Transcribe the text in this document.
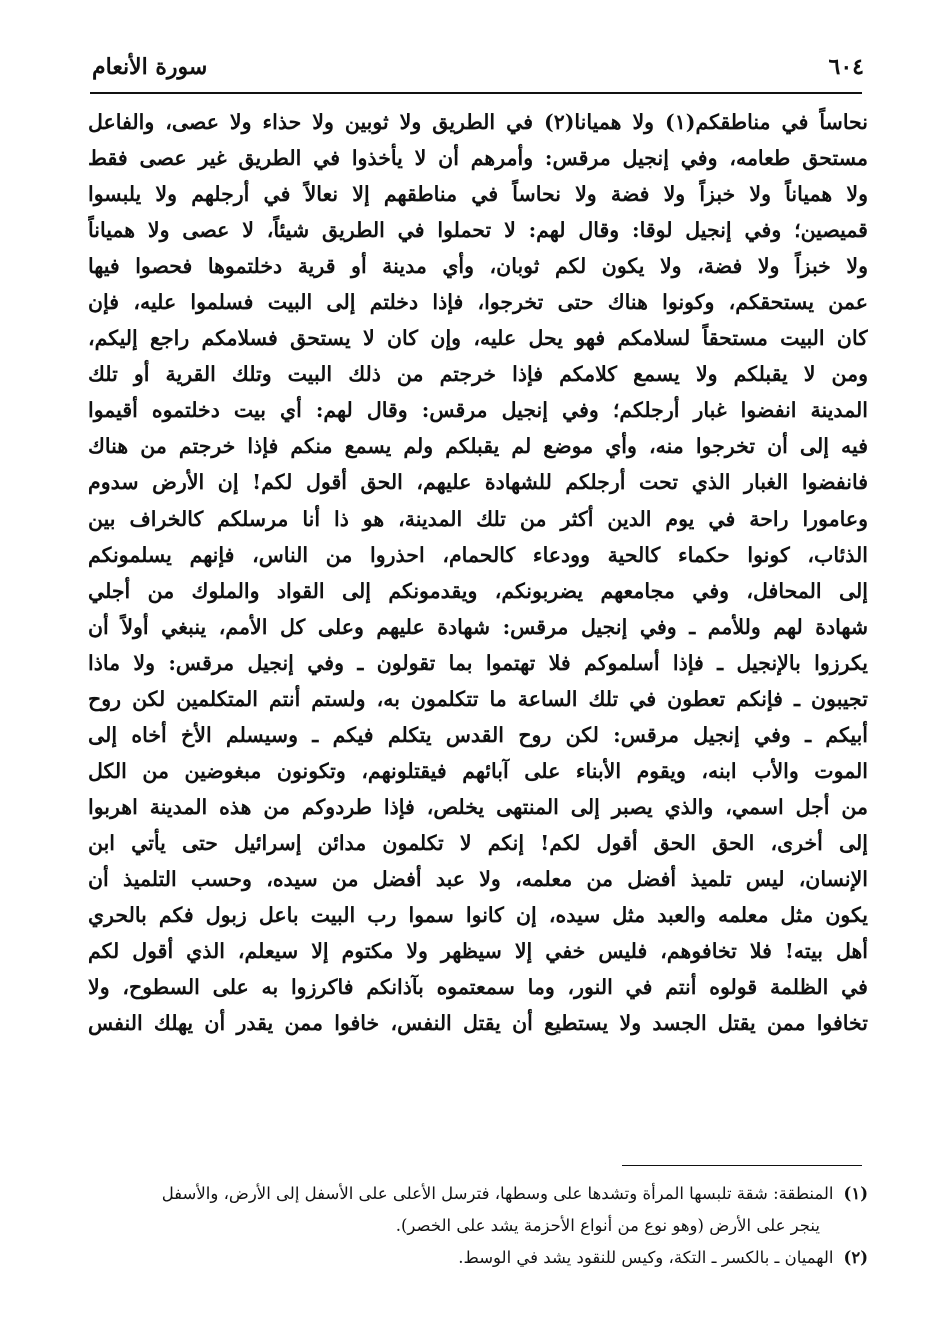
٦٠٤
سورة الأنعام
نحاساً في مناطقكم(١) ولا هميانا(٢) في الطريق ولا ثوبين ولا حذاء ولا عصى، والفاعل
مستحق طعامه، وفي إنجيل مرقس: وأمرهم أن لا يأخذوا في الطريق غير عصى فقط
ولا همياناً ولا خبزاً ولا فضة ولا نحاساً في مناطقهم إلا نعالاً في أرجلهم ولا يلبسوا
قميصين؛ وفي إنجيل لوقا: وقال لهم: لا تحملوا في الطريق شيئاً، لا عصى ولا همياناً
ولا خبزاً ولا فضة، ولا يكون لكم ثوبان، وأي مدينة أو قرية دخلتموها فحصوا فيها
عمن يستحقكم، وكونوا هناك حتى تخرجوا، فإذا دخلتم إلى البيت فسلموا عليه، فإن
كان البيت مستحقاً لسلامكم فهو يحل عليه، وإن كان لا يستحق فسلامكم راجع إليكم،
ومن لا يقبلكم ولا يسمع كلامكم فإذا خرجتم من ذلك البيت وتلك القرية أو تلك
المدينة انفضوا غبار أرجلكم؛ وفي إنجيل مرقس: وقال لهم: أي بيت دخلتموه أقيموا
فيه إلى أن تخرجوا منه، وأي موضع لم يقبلكم ولم يسمع منكم فإذا خرجتم من هناك
فانفضوا الغبار الذي تحت أرجلكم للشهادة عليهم، الحق أقول لكم! إن الأرض سدوم
وعامورا راحة في يوم الدين أكثر من تلك المدينة، هو ذا أنا مرسلكم كالخراف بين
الذئاب، كونوا حكماء كالحية وودعاء كالحمام، احذروا من الناس، فإنهم يسلمونكم
إلى المحافل، وفي مجامعهم يضربونكم، ويقدمونكم إلى القواد والملوك من أجلي
شهادة لهم وللأمم ـ وفي إنجيل مرقس: شهادة عليهم وعلى كل الأمم، ينبغي أولاً أن
يكرزوا بالإنجيل ـ فإذا أسلموكم فلا تهتموا بما تقولون ـ وفي إنجيل مرقس: ولا ماذا
تجيبون ـ فإنكم تعطون في تلك الساعة ما تتكلمون به، ولستم أنتم المتكلمين لكن روح
أبيكم ـ وفي إنجيل مرقس: لكن روح القدس يتكلم فيكم ـ وسيسلم الأخ أخاه إلى
الموت والأب ابنه، ويقوم الأبناء على آبائهم فيقتلونهم، وتكونون مبغوضين من الكل
من أجل اسمي، والذي يصبر إلى المنتهى يخلص، فإذا طردوكم من هذه المدينة اهربوا
إلى أخرى، الحق الحق أقول لكم! إنكم لا تكلمون مدائن إسرائيل حتى يأتي ابن
الإنسان، ليس تلميذ أفضل من معلمه، ولا عبد أفضل من سيده، وحسب التلميذ أن
يكون مثل معلمه والعبد مثل سيده، إن كانوا سموا رب البيت باعل زبول فكم بالحري
أهل بيته! فلا تخافوهم، فليس خفي إلا سيظهر ولا مكتوم إلا سيعلم، الذي أقول لكم
في الظلمة قولوه أنتم في النور، وما سمعتموه بآذانكم فاكرزوا به على السطوح، ولا
تخافوا ممن يقتل الجسد ولا يستطيع أن يقتل النفس، خافوا ممن يقدر أن يهلك النفس
(١)المنطقة: شقة تلبسها المرأة وتشدها على وسطها، فترسل الأعلى على الأسفل إلى الأرض، والأسفل
ينجر على الأرض (وهو نوع من أنواع الأحزمة يشد على الخصر).
(٢)الهميان ـ بالكسر ـ التكة، وكيس للنقود يشد في الوسط.
